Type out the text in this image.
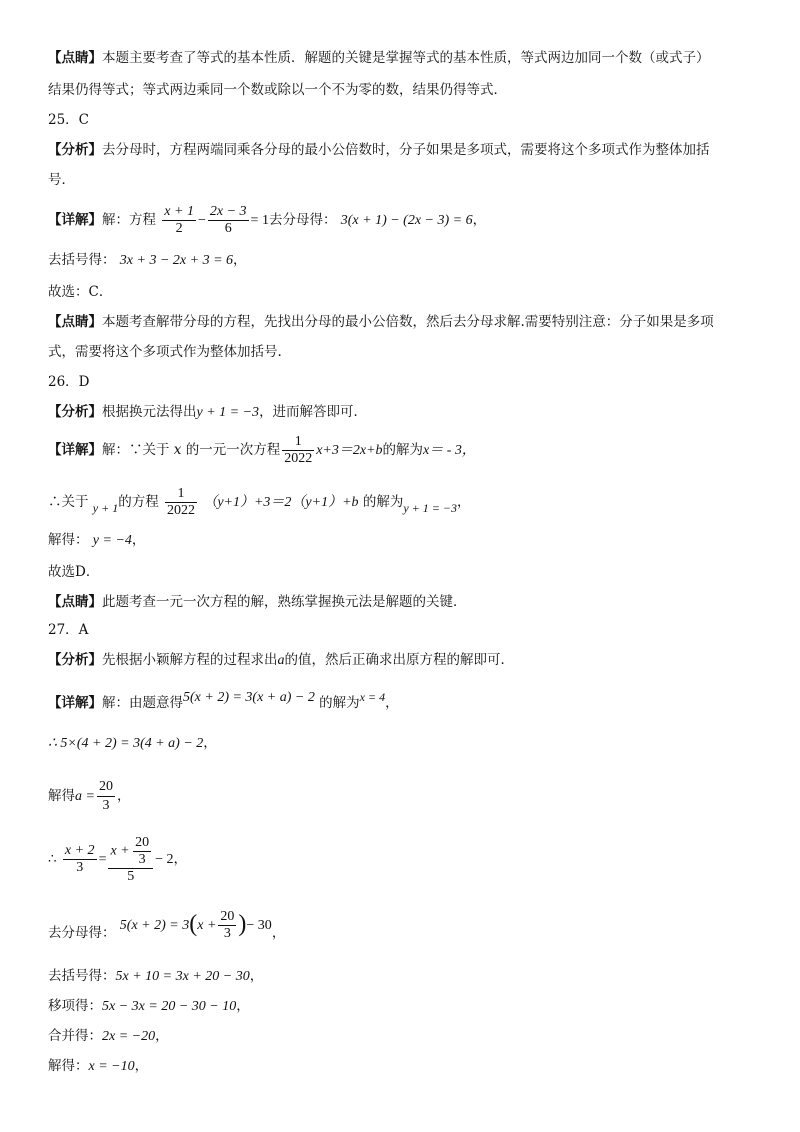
【点睛】本题主要考查了等式的基本性质．解题的关键是掌握等式的基本性质，等式两边加同一个数（或式子）
结果仍得等式；等式两边乘同一个数或除以一个不为零的数，结果仍得等式．
25．C
【分析】去分母时，方程两端同乘各分母的最小公倍数时，分子如果是多项式，需要将这个多项式作为整体加括
号．
【详解】解：方程 $\frac{x + 1}{2} - \frac{2x - 3}{6} = 1$去分母得： 3(x + 1) − (2x − 3) = 6，
去括号得： 3x + 3 − 2x + 3 = 6，
故选：C．
【点睛】本题考查解带分母的方程，先找出分母的最小公倍数，然后去分母求解.需要特别注意：分子如果是多项
式，需要将这个多项式作为整体加括号.
26．D
【分析】根据换元法得出y + 1 = −3，进而解答即可．
【详解】解：∵关于 x 的一元一次方程 $\frac{1}{2022} x+3=2x+b$的解为x＝ - 3，
∴关于 y + 1的方程 $\frac{1}{2022} (y+1)+3=2(y+1)+b$ 的解为y + 1 = −3，
解得： y = −4，
故选D．
【点睛】此题考查一元一次方程的解，熟练掌握换元法是解题的关键．
27．A
【分析】先根据小颖解方程的过程求出a的值，然后正确求出原方程的解即可．
【详解】解：由题意得5(x + 2) = 3(x + a) − 2 的解为x = 4，
∴ 5×(4 + 2) = 3(4 + a) − 2，
解得$a = \frac{20}{3}$ ，
∴ $\frac{x + 2}{3} = \frac{x + \frac{20}{3}}{5} - 2$，
去分母得： $5(x + 2) = 3(x + \frac{20}{3}$ )− 30，
去括号得：5x + 10 = 3x + 20 − 30，
移项得：5x − 3x = 20 − 30 − 10，
合并得：2x = −20，
解得：x = −10，
